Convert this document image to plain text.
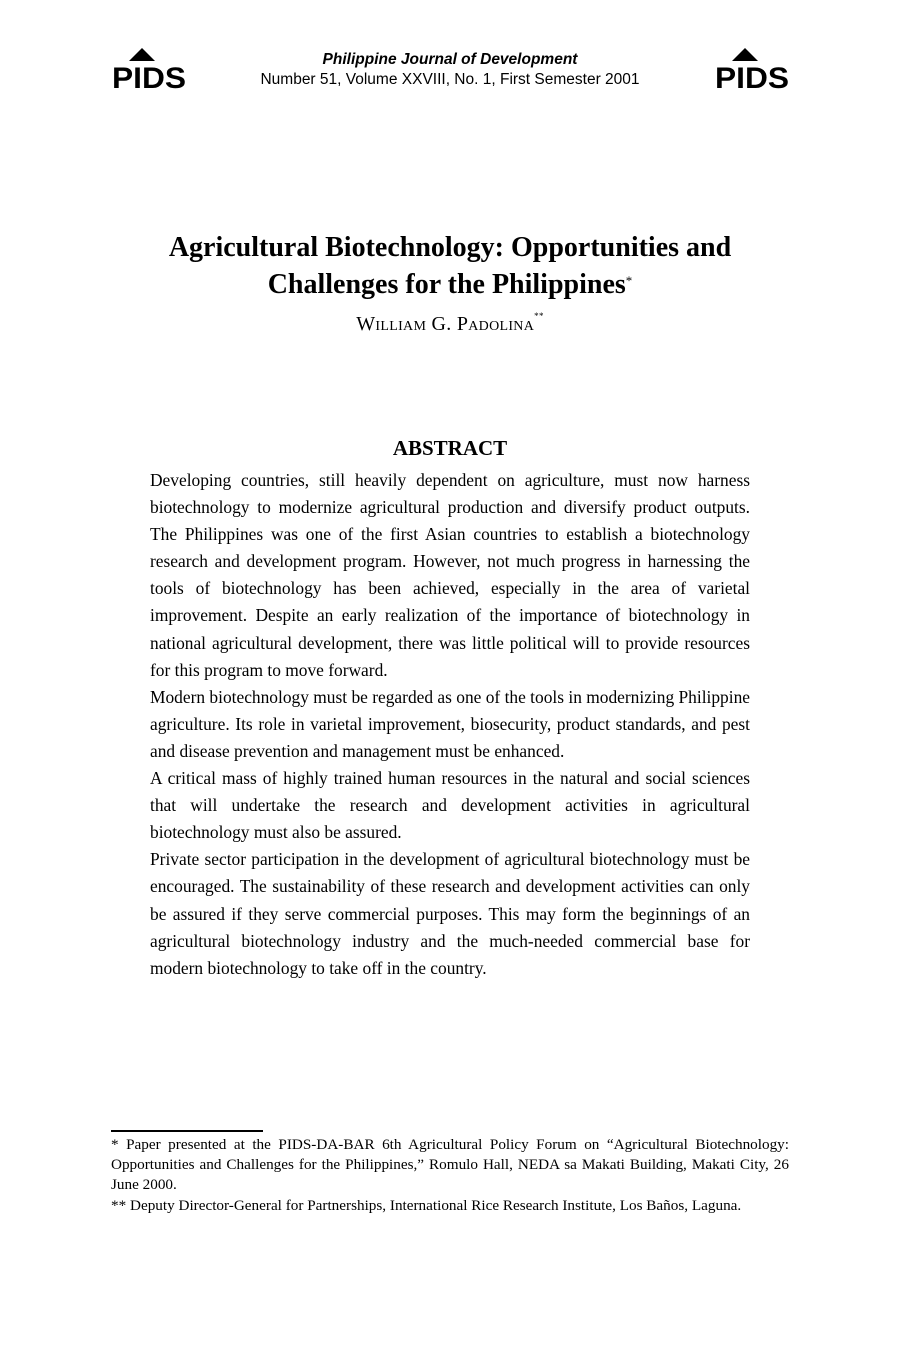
PIDS
Philippine Journal of Development
Number 51, Volume XXVIII, No. 1, First Semester 2001	PIDS
Agricultural Biotechnology: Opportunities and Challenges for the Philippines*
William G. Padolina**
ABSTRACT

Developing countries, still heavily dependent on agriculture, must now harness biotechnology to modernize agricultural production and diversify product outputs. The Philippines was one of the first Asian countries to establish a biotechnology research and development program. However, not much progress in harnessing the tools of biotechnology has been achieved, especially in the area of varietal improvement. Despite an early realization of the importance of biotechnology in national agricultural development, there was little political will to provide resources for this program to move forward.

Modern biotechnology must be regarded as one of the tools in modernizing Philippine agriculture. Its role in varietal improvement, biosecurity, product standards, and pest and disease prevention and management must be enhanced.

A critical mass of highly trained human resources in the natural and social sciences that will undertake the research and development activities in agricultural biotechnology must also be assured.

Private sector participation in the development of agricultural biotechnology must be encouraged. The sustainability of these research and development activities can only be assured if they serve commercial purposes. This may form the beginnings of an agricultural biotechnology industry and the much-needed commercial base for modern biotechnology to take off in the country.

* Paper presented at the PIDS-DA-BAR 6th Agricultural Policy Forum on “Agricultural Biotechnology: Opportunities and Challenges for the Philippines,” Romulo Hall, NEDA sa Makati Building, Makati City, 26 June 2000.

** Deputy Director-General for Partnerships, International Rice Research Institute, Los Baños, Laguna.
